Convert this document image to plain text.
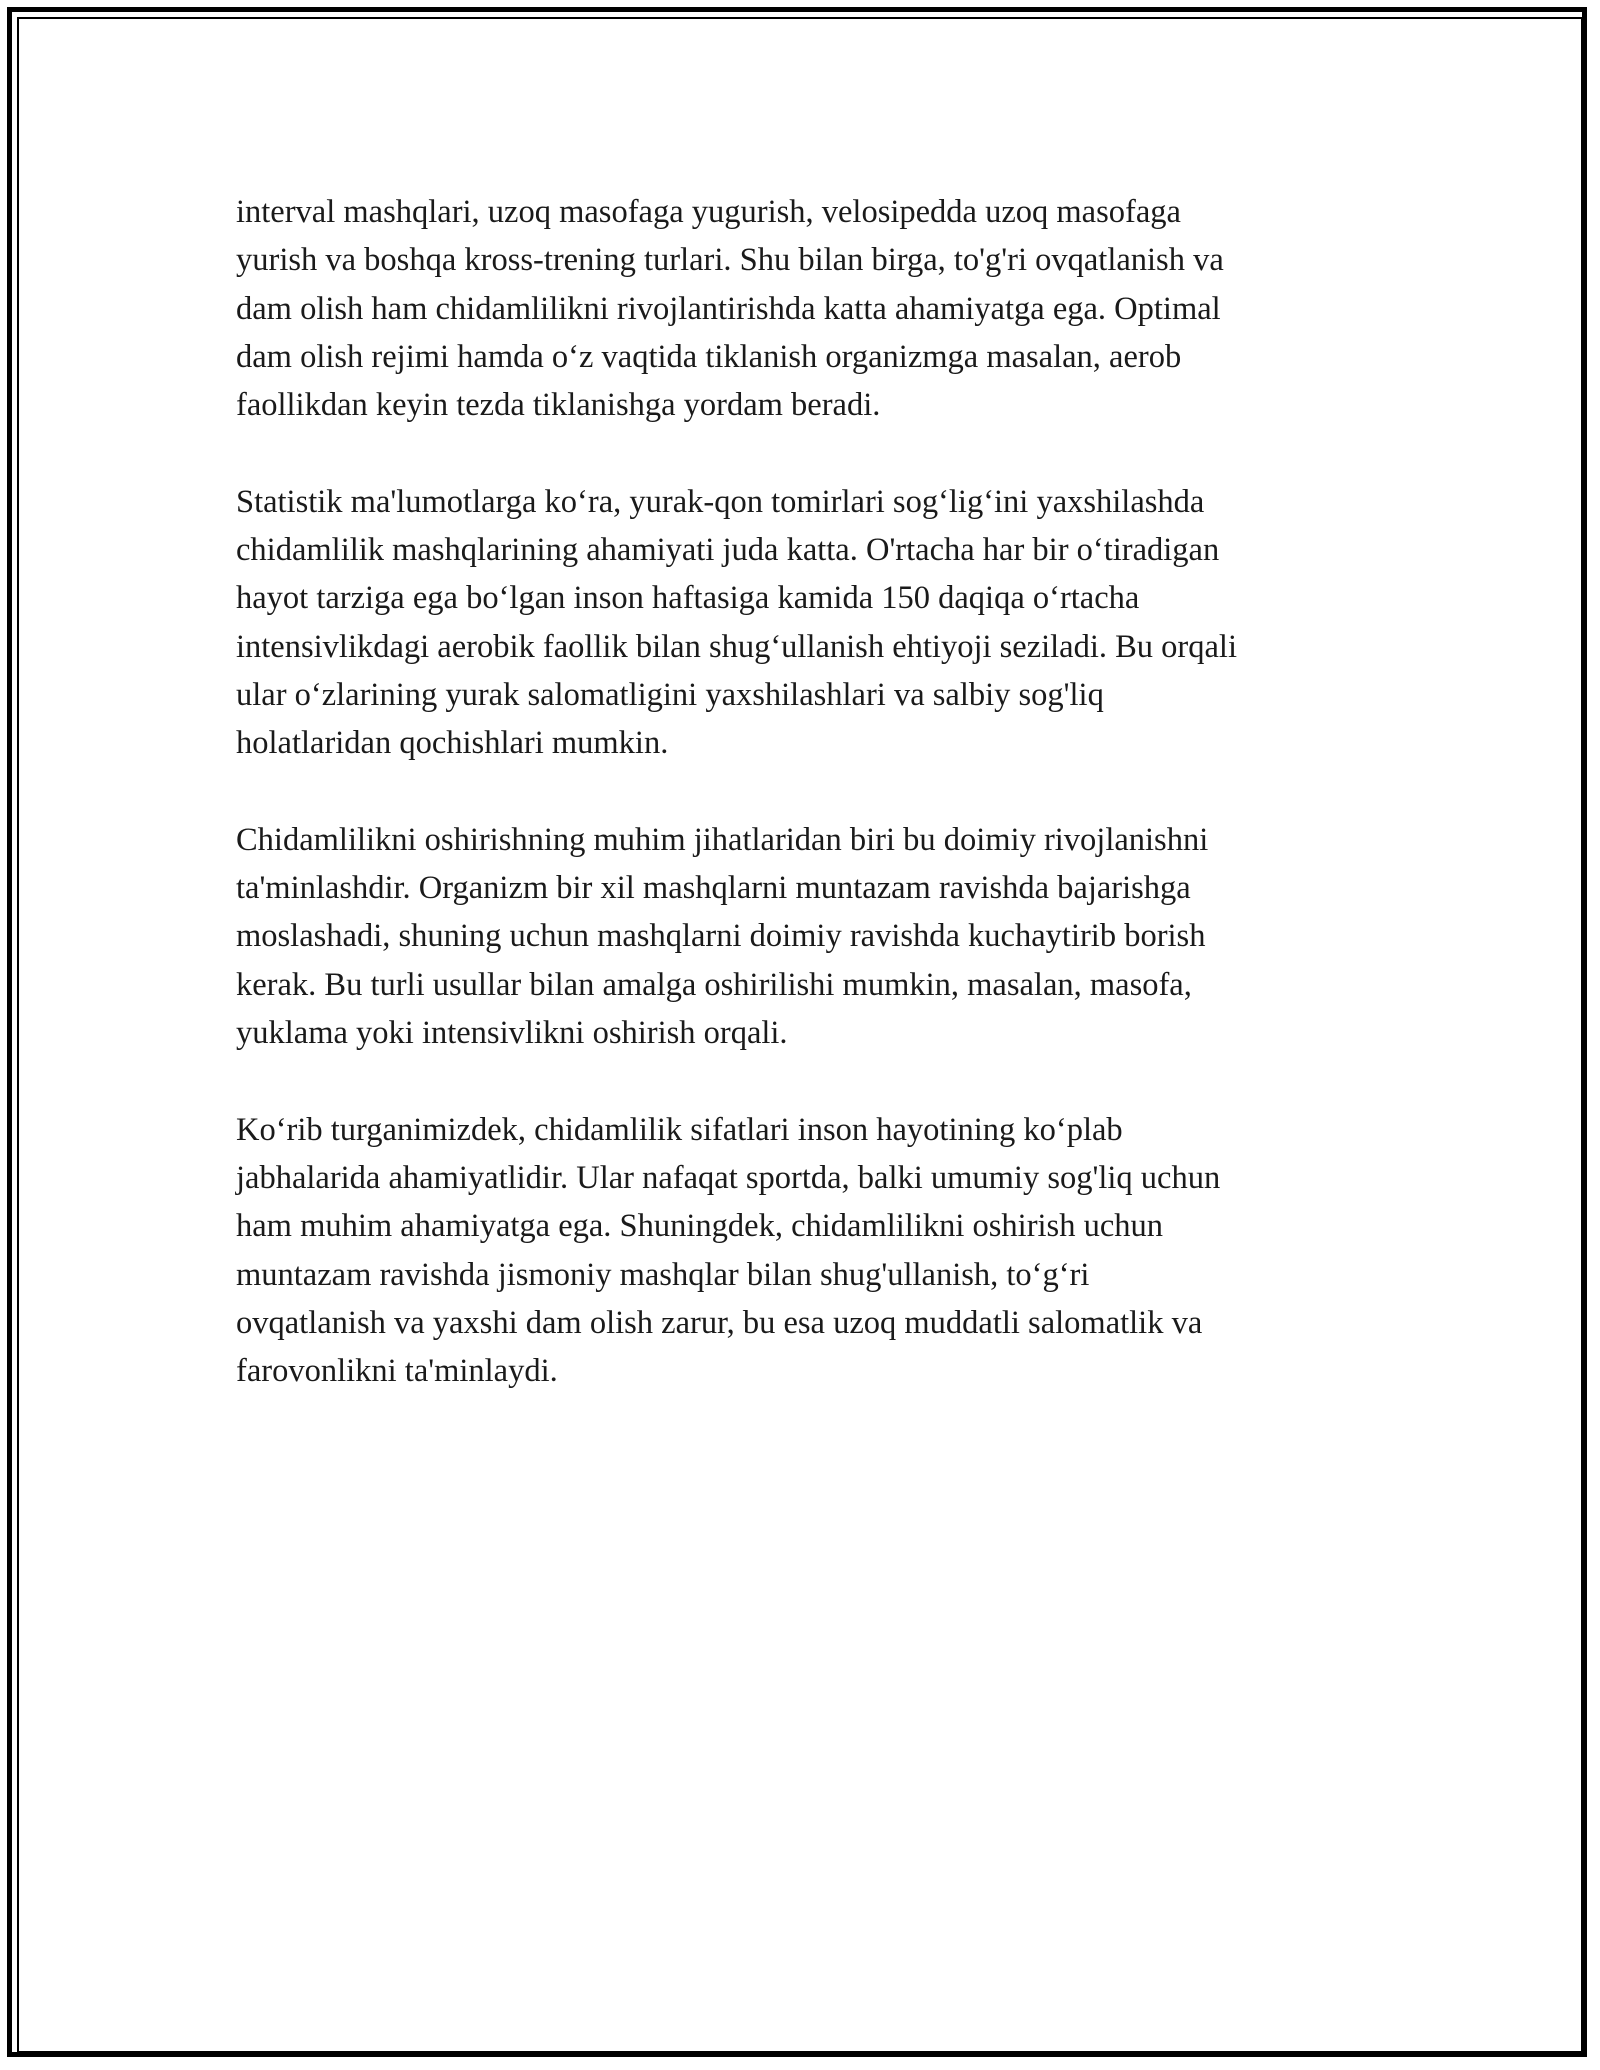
interval mashqlari, uzoq masofaga yugurish, velosipedda uzoq masofaga
yurish va boshqa kross-trening turlari. Shu bilan birga, to'g'ri ovqatlanish va
dam olish ham chidamlilikni rivojlantirishda katta ahamiyatga ega. Optimal
dam olish rejimi hamda o‘z vaqtida tiklanish organizmga masalan, aerob
faollikdan keyin tezda tiklanishga yordam beradi.

Statistik ma'lumotlarga ko‘ra, yurak-qon tomirlari sog‘lig‘ini yaxshilashda
chidamlilik mashqlarining ahamiyati juda katta. O'rtacha har bir o‘tiradigan
hayot tarziga ega bo‘lgan inson haftasiga kamida 150 daqiqa o‘rtacha
intensivlikdagi aerobik faollik bilan shug‘ullanish ehtiyoji seziladi. Bu orqali
ular o‘zlarining yurak salomatligini yaxshilashlari va salbiy sog'liq
holatlaridan qochishlari mumkin.

Chidamlilikni oshirishning muhim jihatlaridan biri bu doimiy rivojlanishni
ta'minlashdir. Organizm bir xil mashqlarni muntazam ravishda bajarishga
moslashadi, shuning uchun mashqlarni doimiy ravishda kuchaytirib borish
kerak. Bu turli usullar bilan amalga oshirilishi mumkin, masalan, masofa,
yuklama yoki intensivlikni oshirish orqali.

Ko‘rib turganimizdek, chidamlilik sifatlari inson hayotining ko‘plab
jabhalarida ahamiyatlidir. Ular nafaqat sportda, balki umumiy sog'liq uchun
ham muhim ahamiyatga ega. Shuningdek, chidamlilikni oshirish uchun
muntazam ravishda jismoniy mashqlar bilan shug'ullanish, to‘g‘ri
ovqatlanish va yaxshi dam olish zarur, bu esa uzoq muddatli salomatlik va
farovonlikni ta'minlaydi.
